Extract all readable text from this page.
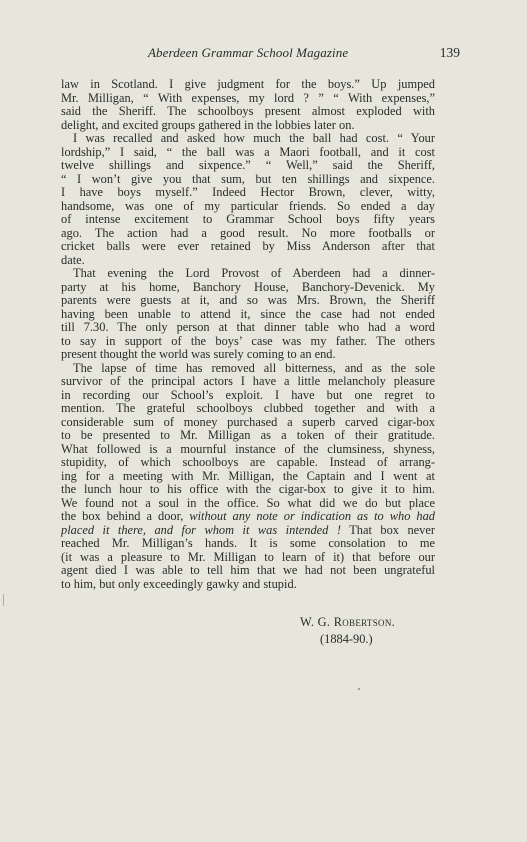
Aberdeen Grammar School Magazine	139
law in Scotland. I give judgment for the boys.” Up jumped
Mr. Milligan, “ With expenses, my lord ? ” “ With expenses,”
said the Sheriff. The schoolboys present almost exploded with
delight, and excited groups gathered in the lobbies later on.
I was recalled and asked how much the ball had cost. “ Your
lordship,” I said, “ the ball was a Maori football, and it cost
twelve shillings and sixpence.” “ Well,” said the Sheriff,
“ I won’t give you that sum, but ten shillings and sixpence.
I have boys myself.” Indeed Hector Brown, clever, witty,
handsome, was one of my particular friends. So ended a day
of intense excitement to Grammar School boys fifty years
ago. The action had a good result. No more footballs or
cricket balls were ever retained by Miss Anderson after that
date.
That evening the Lord Provost of Aberdeen had a dinner-
party at his home, Banchory House, Banchory-Devenick. My
parents were guests at it, and so was Mrs. Brown, the Sheriff
having been unable to attend it, since the case had not ended
till 7.30. The only person at that dinner table who had a word
to say in support of the boys’ case was my father. The others
present thought the world was surely coming to an end.
The lapse of time has removed all bitterness, and as the sole
survivor of the principal actors I have a little melancholy pleasure
in recording our School’s exploit. I have but one regret to
mention. The grateful schoolboys clubbed together and with a
considerable sum of money purchased a superb carved cigar-box
to be presented to Mr. Milligan as a token of their gratitude.
What followed is a mournful instance of the clumsiness, shyness,
stupidity, of which schoolboys are capable. Instead of arrang-
ing for a meeting with Mr. Milligan, the Captain and I went at
the lunch hour to his office with the cigar-box to give it to him.
We found not a soul in the office. So what did we do but place
the box behind a door, without any note or indication as to who had
placed it there, and for whom it was intended ! That box never
reached Mr. Milligan’s hands. It is some consolation to me
(it was a pleasure to Mr. Milligan to learn of it) that before our
agent died I was able to tell him that we had not been ungrateful
to him, but only exceedingly gawky and stupid.
W. G. Robertson.
(1884-90.)
